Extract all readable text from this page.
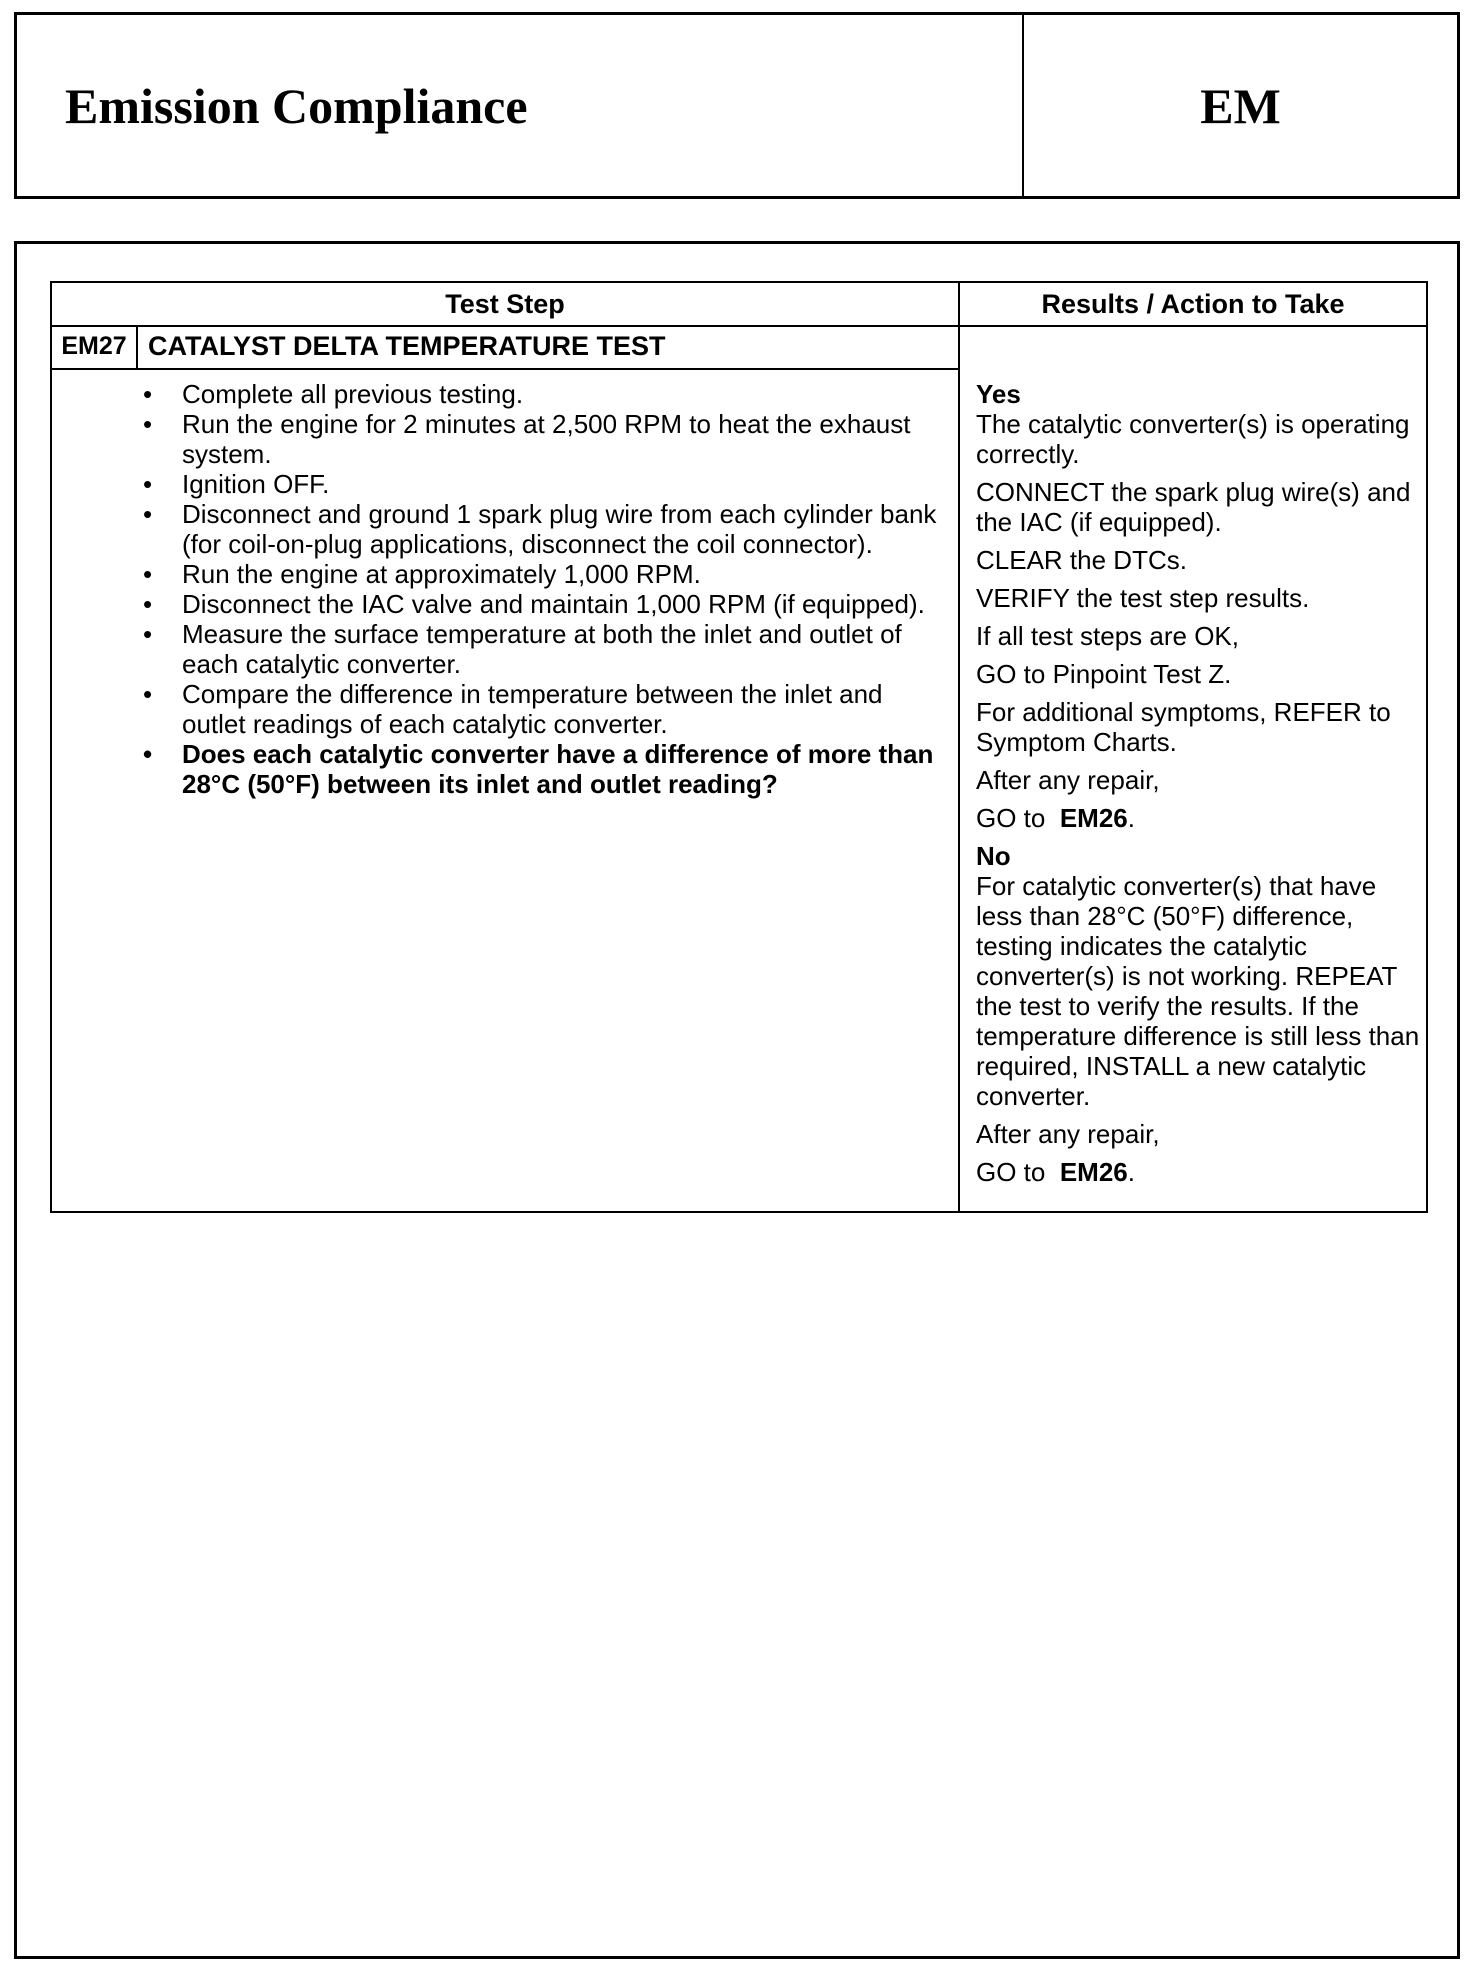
Emission Compliance	EM
Test Step	Results / Action to Take
EM27 CATALYST DELTA TEMPERATURE TEST
• Complete all previous testing.
• Run the engine for 2 minutes at 2,500 RPM to heat the exhaust system.
• Ignition OFF.
• Disconnect and ground 1 spark plug wire from each cylinder bank (for coil-on-plug applications, disconnect the coil connector).
• Run the engine at approximately 1,000 RPM.
• Disconnect the IAC valve and maintain 1,000 RPM (if equipped).
• Measure the surface temperature at both the inlet and outlet of each catalytic converter.
• Compare the difference in temperature between the inlet and outlet readings of each catalytic converter.
• Does each catalytic converter have a difference of more than 28°C (50°F) between its inlet and outlet reading?

Yes

The catalytic converter(s) is operating correctly.

CONNECT the spark plug wire(s) and the IAC (if equipped).

CLEAR the DTCs.

VERIFY the test step results.

If all test steps are OK,

GO to Pinpoint Test Z.

For additional symptoms, REFER to Symptom Charts.

After any repair,

GO to EM26.

No

For catalytic converter(s) that have less than 28°C (50°F) difference, testing indicates the catalytic converter(s) is not working. REPEAT the test to verify the results. If the temperature difference is still less than required, INSTALL a new catalytic converter.

After any repair,

GO to EM26.
